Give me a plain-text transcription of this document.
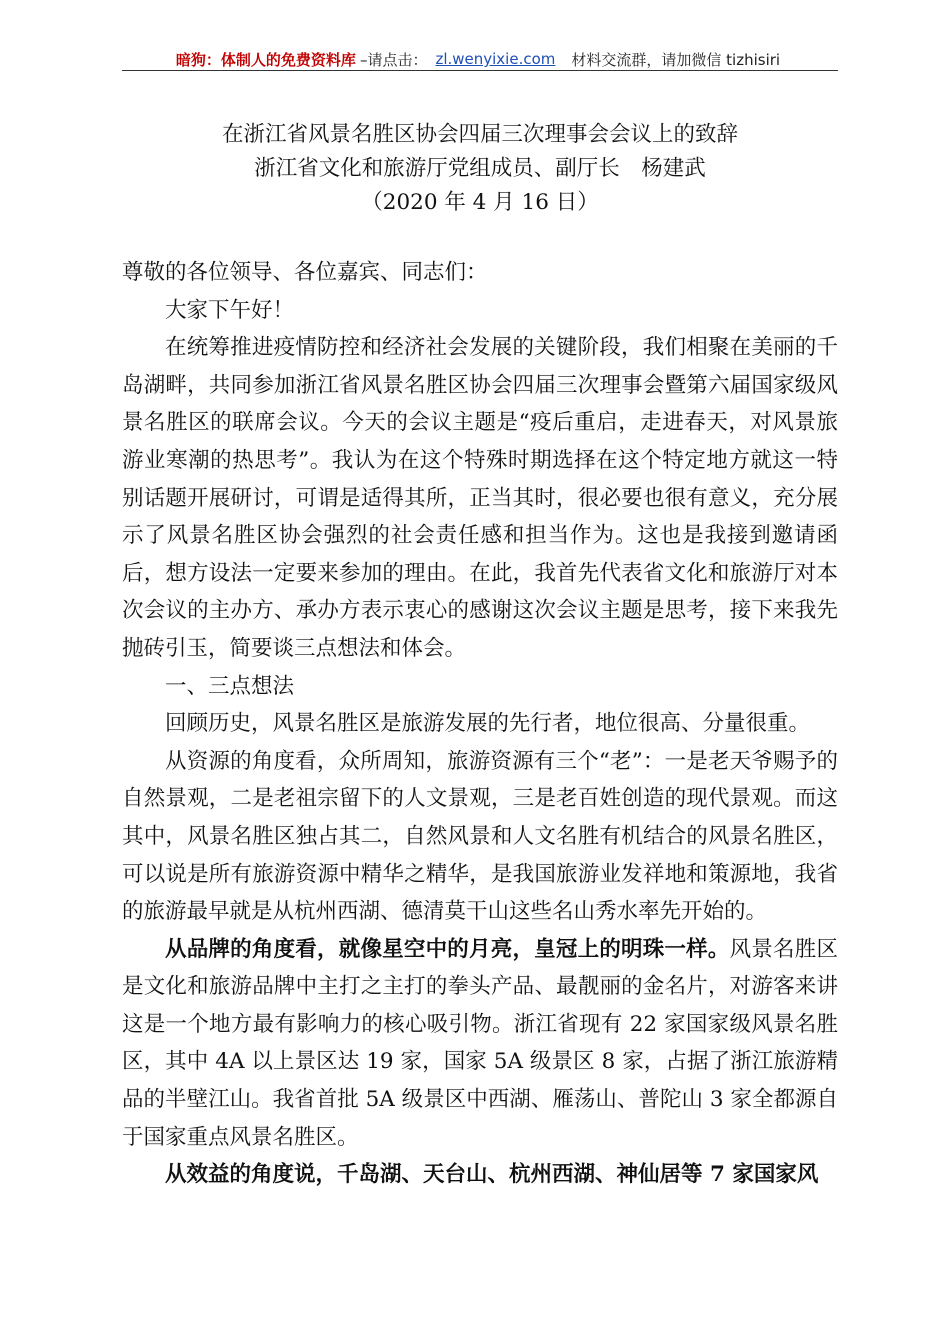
暗狗：体制人的免费资料库 –请点击： zl.wenyixie.com 材料交流群，请加微信 tizhisiri

在浙江省风景名胜区协会四届三次理事会会议上的致辞

浙江省文化和旅游厅党组成员、副厅长　杨建武

（2020 年 4 月 16 日）

尊敬的各位领导、各位嘉宾、同志们：

大家下午好！

在统筹推进疫情防控和经济社会发展的关键阶段，我们相聚在美丽的千岛湖畔，共同参加浙江省风景名胜区协会四届三次理事会暨第六届国家级风景名胜区的联席会议。今天的会议主题是“疫后重启，走进春天，对风景旅游业寒潮的热思考”。我认为在这个特殊时期选择在这个特定地方就这一特别话题开展研讨，可谓是适得其所，正当其时，很必要也很有意义，充分展示了风景名胜区协会强烈的社会责任感和担当作为。这也是我接到邀请函后，想方设法一定要来参加的理由。在此，我首先代表省文化和旅游厅对本次会议的主办方、承办方表示衷心的感谢这次会议主题是思考，接下来我先抛砖引玉，简要谈三点想法和体会。

一、三点想法

回顾历史，风景名胜区是旅游发展的先行者，地位很高、分量很重。

从资源的角度看，众所周知，旅游资源有三个“老”：一是老天爷赐予的自然景观，二是老祖宗留下的人文景观，三是老百姓创造的现代景观。而这其中，风景名胜区独占其二，自然风景和人文名胜有机结合的风景名胜区，可以说是所有旅游资源中精华之精华，是我国旅游业发祥地和策源地，我省的旅游最早就是从杭州西湖、德清莫干山这些名山秀水率先开始的。

从品牌的角度看，就像星空中的月亮，皇冠上的明珠一样。风景名胜区是文化和旅游品牌中主打之主打的拳头产品、最靓丽的金名片，对游客来讲这是一个地方最有影响力的核心吸引物。浙江省现有 22 家国家级风景名胜区，其中 4A 以上景区达 19 家，国家 5A 级景区 8 家，占据了浙江旅游精品的半壁江山。我省首批 5A 级景区中西湖、雁荡山、普陀山 3 家全都源自于国家重点风景名胜区。

从效益的角度说，千岛湖、天台山、杭州西湖、神仙居等 7 家国家风
